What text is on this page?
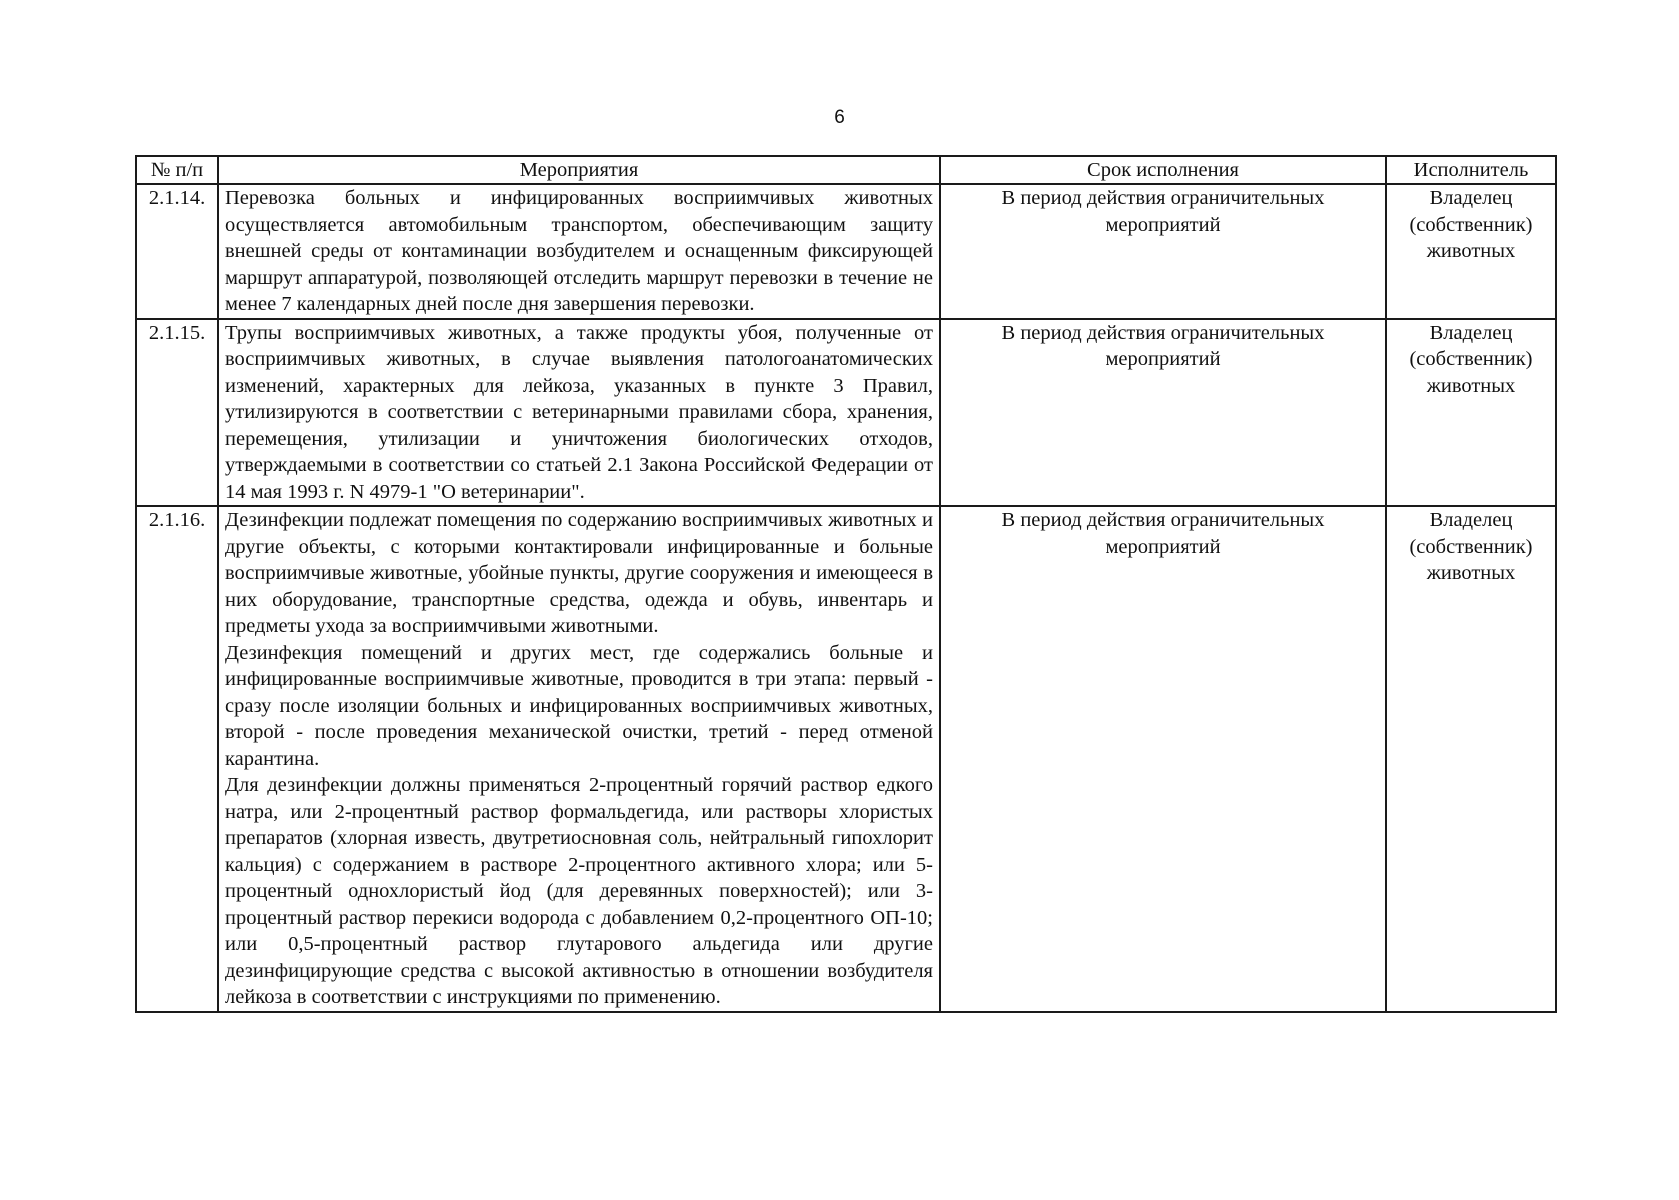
6
№ п/п	Мероприятия	Срок исполнения	Исполнитель
2.1.14.	Перевозка больных и инфицированных восприимчивых животных осуществляется автомобильным транспортом, обеспечивающим защиту внешней среды от контаминации возбудителем и оснащенным фиксирующей маршрут аппаратурой, позволяющей отследить маршрут перевозки в течение не менее 7 календарных дней после дня завершения перевозки.	В период действия ограничительных мероприятий	Владелец (собственник) животных
2.1.15.	Трупы восприимчивых животных, а также продукты убоя, полученные от восприимчивых животных, в случае выявления патологоанатомических изменений, характерных для лейкоза, указанных в пункте 3 Правил, утилизируются в соответствии с ветеринарными правилами сбора, хранения, перемещения, утилизации и уничтожения биологических отходов, утверждаемыми в соответствии со статьей 2.1 Закона Российской Федерации от 14 мая 1993 г. N 4979-1 "О ветеринарии".	В период действия ограничительных мероприятий	Владелец (собственник) животных
2.1.16.	Дезинфекции подлежат помещения по содержанию восприимчивых животных и другие объекты, с которыми контактировали инфицированные и больные восприимчивые животные, убойные пункты, другие сооружения и имеющееся в них оборудование, транспортные средства, одежда и обувь, инвентарь и предметы ухода за восприимчивыми животными.
Дезинфекция помещений и других мест, где содержались больные и инфицированные восприимчивые животные, проводится в три этапа: первый - сразу после изоляции больных и инфицированных восприимчивых животных, второй - после проведения механической очистки, третий - перед отменой карантина.
Для дезинфекции должны применяться 2-процентный горячий раствор едкого натра, или 2-процентный раствор формальдегида, или растворы хлористых препаратов (хлорная известь, двутретиосновная соль, нейтральный гипохлорит кальция) с содержанием в растворе 2-процентного активного хлора; или 5-процентный однохлористый йод (для деревянных поверхностей); или 3-процентный раствор перекиси водорода с добавлением 0,2-процентного ОП-10; или 0,5-процентный раствор глутарового альдегида или другие дезинфицирующие средства с высокой активностью в отношении возбудителя лейкоза в соответствии с инструкциями по применению.	В период действия ограничительных мероприятий	Владелец (собственник) животных
